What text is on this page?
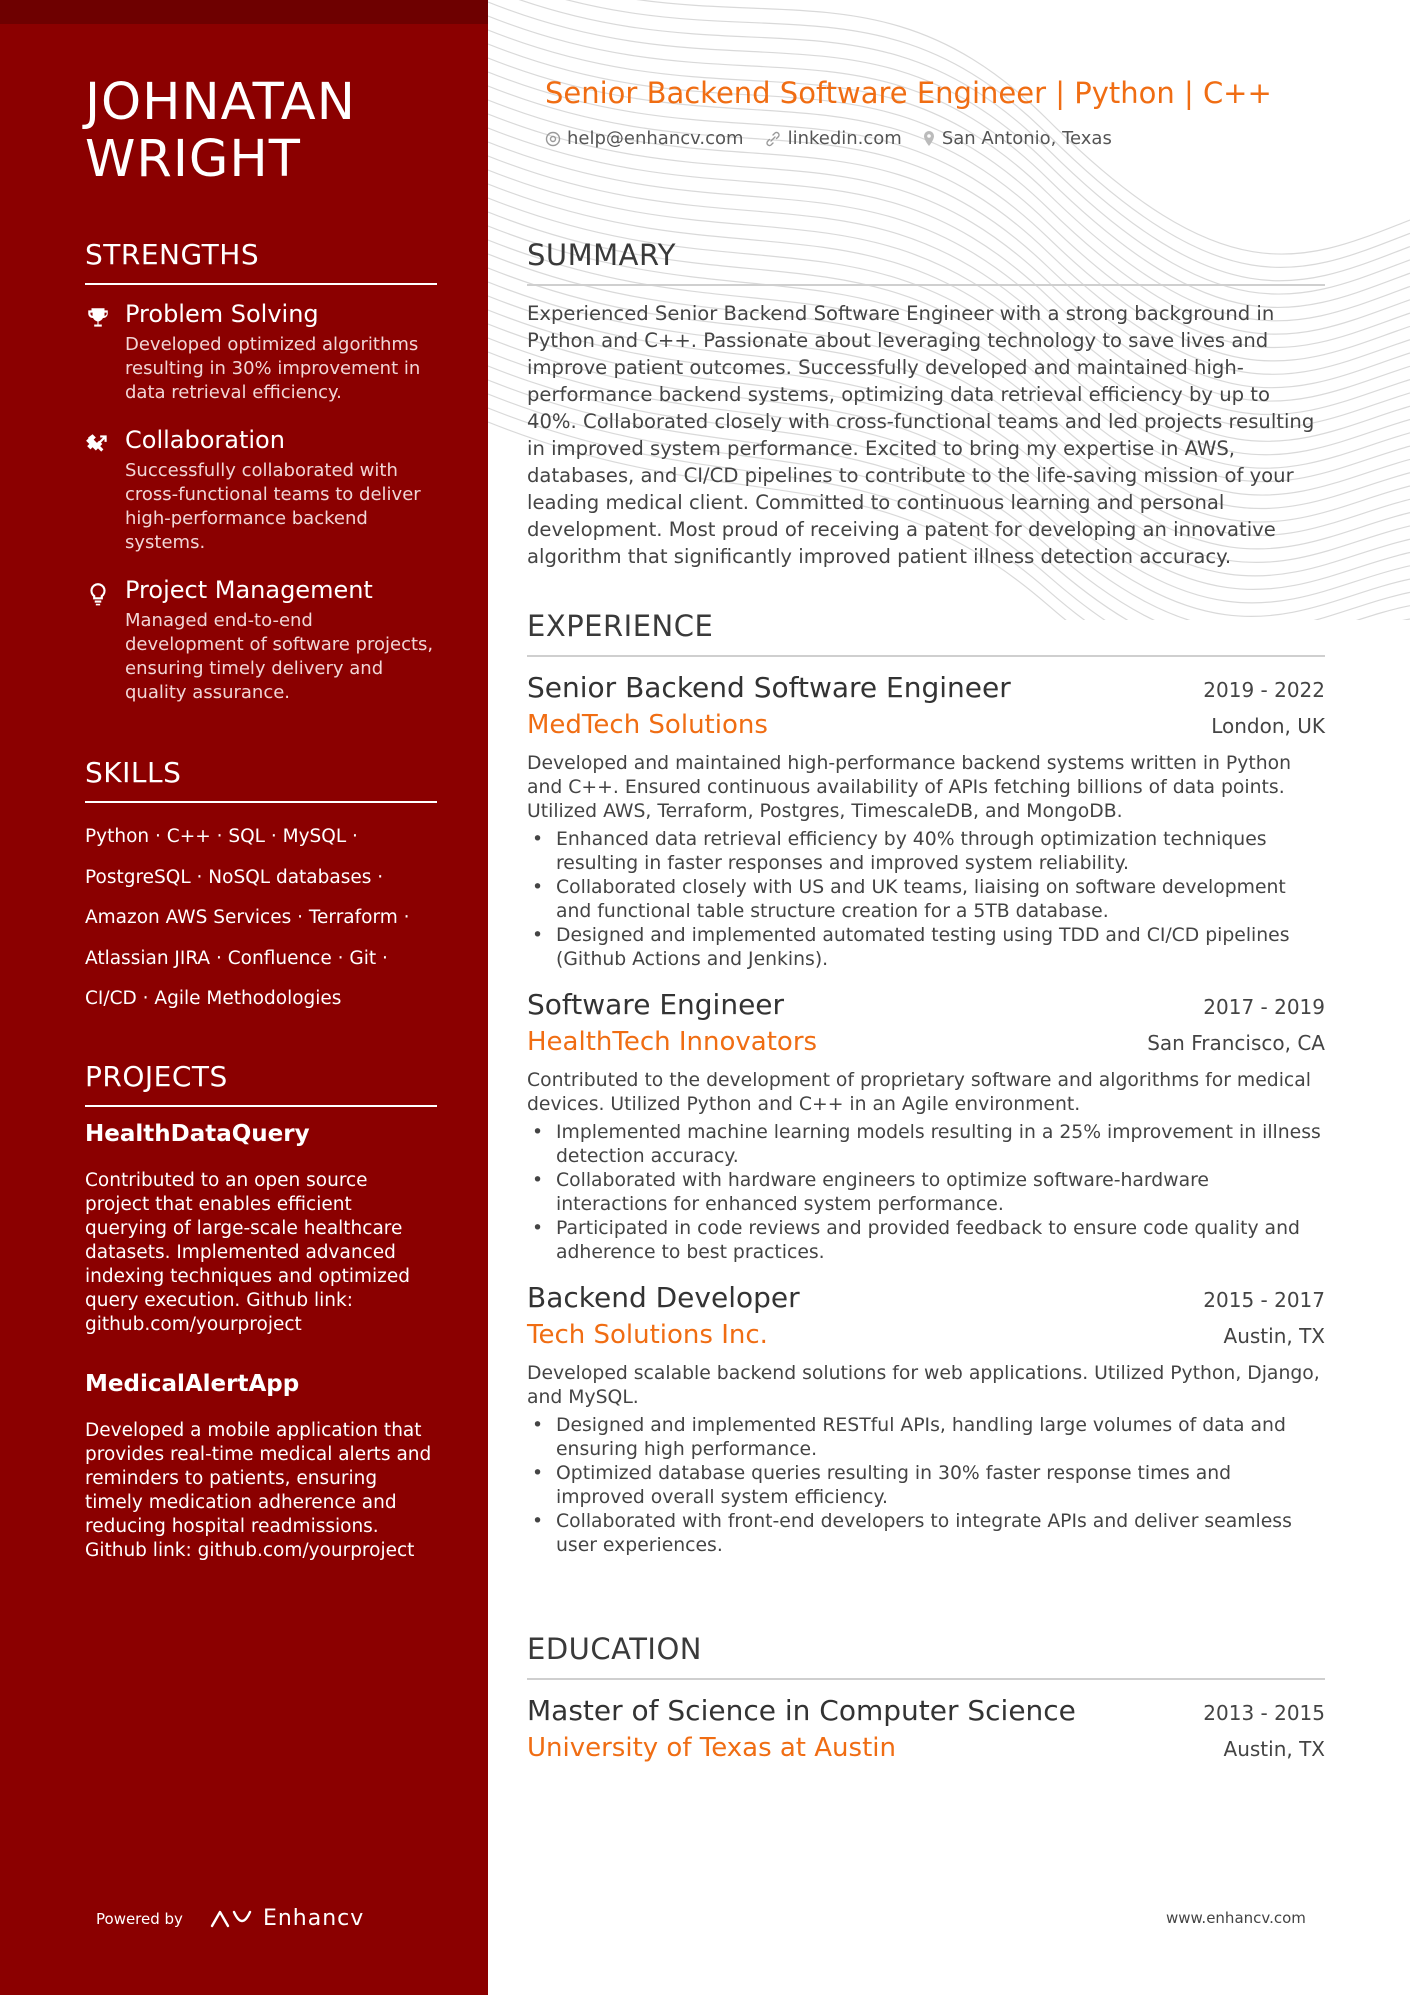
JOHNATAN WRIGHT
STRENGTHS
Problem Solving
Developed optimized algorithms resulting in 30% improvement in data retrieval efficiency.
Collaboration
Successfully collaborated with cross-functional teams to deliver high-performance backend systems.
Project Management
Managed end-to-end development of software projects, ensuring timely delivery and quality assurance.
SKILLS
Python · C++ · SQL · MySQL · PostgreSQL · NoSQL databases · Amazon AWS Services · Terraform · Atlassian JIRA · Confluence · Git · CI/CD · Agile Methodologies
PROJECTS
HealthDataQuery
Contributed to an open source project that enables efficient querying of large-scale healthcare datasets. Implemented advanced indexing techniques and optimized query execution. Github link: github.com/yourproject
MedicalAlertApp
Developed a mobile application that provides real-time medical alerts and reminders to patients, ensuring timely medication adherence and reducing hospital readmissions. Github link: github.com/yourproject
Powered by	Enhancv
Senior Backend Software Engineer | Python | C++
help@enhancv.com linkedin.com San Antonio, Texas
SUMMARY
Experienced Senior Backend Software Engineer with a strong background in Python and C++. Passionate about leveraging technology to save lives and improve patient outcomes. Successfully developed and maintained high-performance backend systems, optimizing data retrieval efficiency by up to 40%. Collaborated closely with cross-functional teams and led projects resulting in improved system performance. Excited to bring my expertise in AWS, databases, and CI/CD pipelines to contribute to the life-saving mission of your leading medical client. Committed to continuous learning and personal development. Most proud of receiving a patent for developing an innovative algorithm that significantly improved patient illness detection accuracy.
EXPERIENCE
Senior Backend Software Engineer	2019 - 2022
MedTech Solutions	London, UK
Developed and maintained high-performance backend systems written in Python and C++. Ensured continuous availability of APIs fetching billions of data points. Utilized AWS, Terraform, Postgres, TimescaleDB, and MongoDB.
• Enhanced data retrieval efficiency by 40% through optimization techniques resulting in faster responses and improved system reliability.
• Collaborated closely with US and UK teams, liaising on software development and functional table structure creation for a 5TB database.
• Designed and implemented automated testing using TDD and CI/CD pipelines (Github Actions and Jenkins).
Software Engineer	2017 - 2019
HealthTech Innovators	San Francisco, CA
Contributed to the development of proprietary software and algorithms for medical devices. Utilized Python and C++ in an Agile environment.
• Implemented machine learning models resulting in a 25% improvement in illness detection accuracy.
• Collaborated with hardware engineers to optimize software-hardware interactions for enhanced system performance.
• Participated in code reviews and provided feedback to ensure code quality and adherence to best practices.
Backend Developer	2015 - 2017
Tech Solutions Inc.	Austin, TX
Developed scalable backend solutions for web applications. Utilized Python, Django, and MySQL.
• Designed and implemented RESTful APIs, handling large volumes of data and ensuring high performance.
• Optimized database queries resulting in 30% faster response times and improved overall system efficiency.
• Collaborated with front-end developers to integrate APIs and deliver seamless user experiences.
EDUCATION
Master of Science in Computer Science	2013 - 2015
University of Texas at Austin	Austin, TX
www.enhancv.com
